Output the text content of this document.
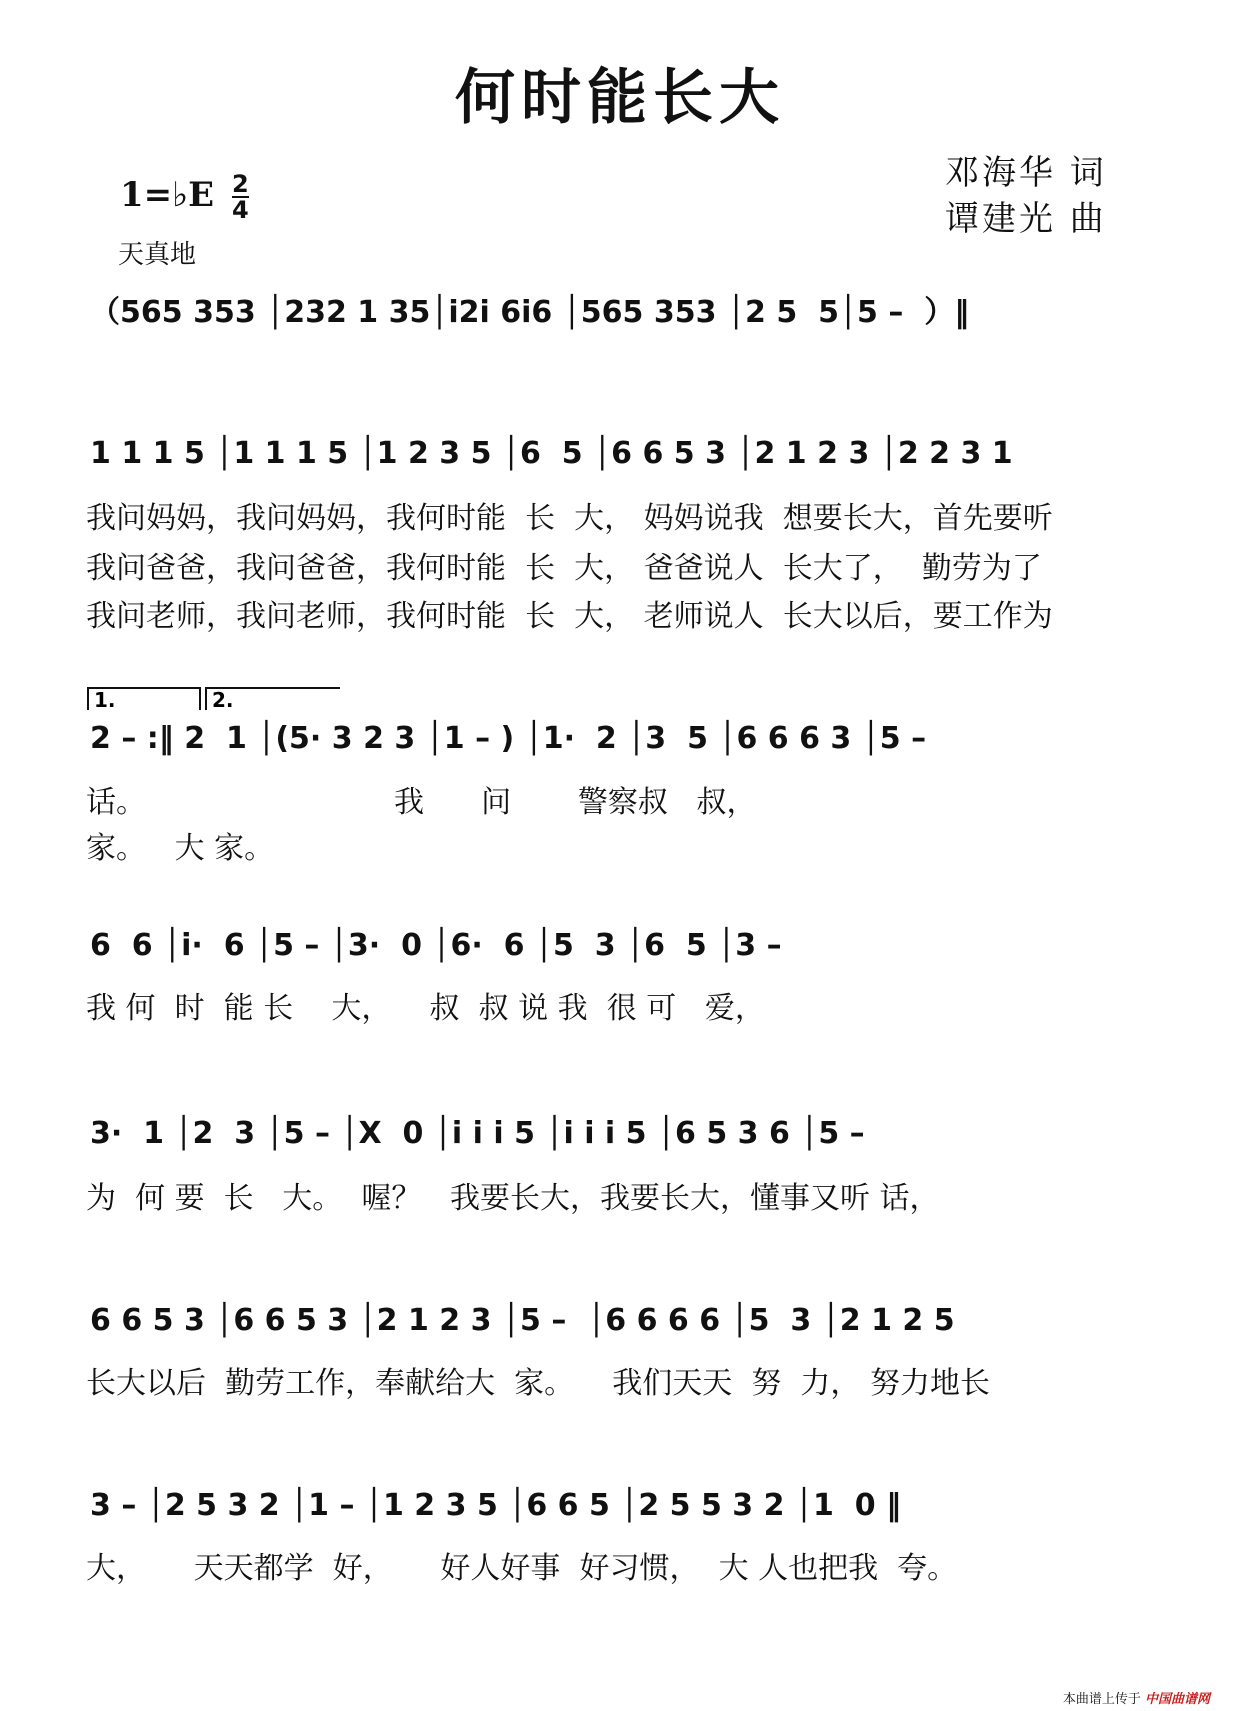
何时能长大
邓海华 词
谭建光 曲
1=♭E $\frac{2}{4}$
天真地
（565 353 │232 1 35│i2i 6i6 │565 353 │2 5  5│5 –  ）‖
1 1 1 5 │1 1 1 5 │1 2 3 5 │6  5 │6 6 5 3 │2 1 2 3 │2 2 3 1
我问妈妈，我问妈妈，我何时能  长  大， 妈妈说我  想要长大，首先要听
我问爸爸，我问爸爸，我何时能  长  大， 爸爸说人  长大了，  勤劳为了
我问老师，我问老师，我何时能  长  大， 老师说人  长大以后，要工作为
1.	2.
2 – :‖ 2  1 │(5· 3 2 3 │1 – ) │1·  2 │3  5 │6 6 6 3 │5 –
话。                          我      问       警察叔   叔，
家。   大 家。
6  6 │i·  6 │5 – │3·  0 │6·  6 │5  3 │6  5 │3 –
我 何  时  能 长    大，    叔  叔 说 我  很 可   爱，
3·  1 │2  3 │5 – │X  0 │i i i 5 │i i i 5 │6 5 3 6 │5 –
为  何 要  长   大。  喔？   我要长大，我要长大，懂事又听 话，
6 6 5 3 │6 6 5 3 │2 1 2 3 │5 –  │6 6 6 6 │5  3 │2 1 2 5
长大以后  勤劳工作，奉献给大  家。    我们天天  努  力， 努力地长
3 – │2 5 3 2 │1 – │1 2 3 5 │6 6 5 │2 5 5 3 2 │1  0 ‖
大，     天天都学  好，     好人好事  好习惯，  大 人也把我  夸。
本曲谱上传于 中国曲谱网
